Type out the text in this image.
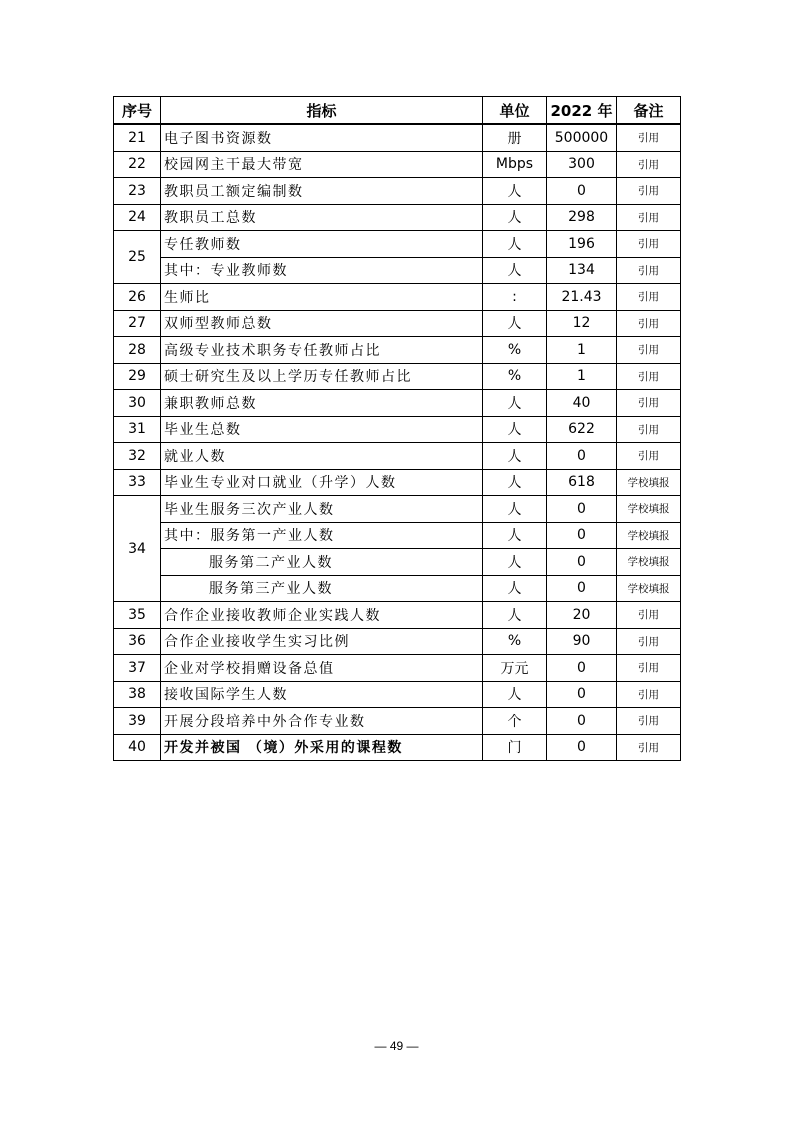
序号	指标	单位	2022 年	备注
21	电子图书资源数	册	500000	引用
22	校园网主干最大带宽	Mbps	300	引用
23	教职员工额定编制数	人	0	引用
24	教职员工总数	人	298	引用
25	专任教师数	人	196	引用
	其中：专业教师数	人	134	引用
26	生师比	:	21.43	引用
27	双师型教师总数	人	12	引用
28	高级专业技术职务专任教师占比	%	1	引用
29	硕士研究生及以上学历专任教师占比	%	1	引用
30	兼职教师总数	人	40	引用
31	毕业生总数	人	622	引用
32	就业人数	人	0	引用
33	毕业生专业对口就业（升学）人数	人	618	学校填报
34	毕业生服务三次产业人数	人	0	学校填报
	其中：服务第一产业人数	人	0	学校填报
	服务第二产业人数	人	0	学校填报
	服务第三产业人数	人	0	学校填报
35	合作企业接收教师企业实践人数	人	20	引用
36	合作企业接收学生实习比例	%	90	引用
37	企业对学校捐赠设备总值	万元	0	引用
38	接收国际学生人数	人	0	引用
39	开展分段培养中外合作专业数	个	0	引用
40	开发并被国 （境）外采用的课程数	门	0	引用
— 49 —
